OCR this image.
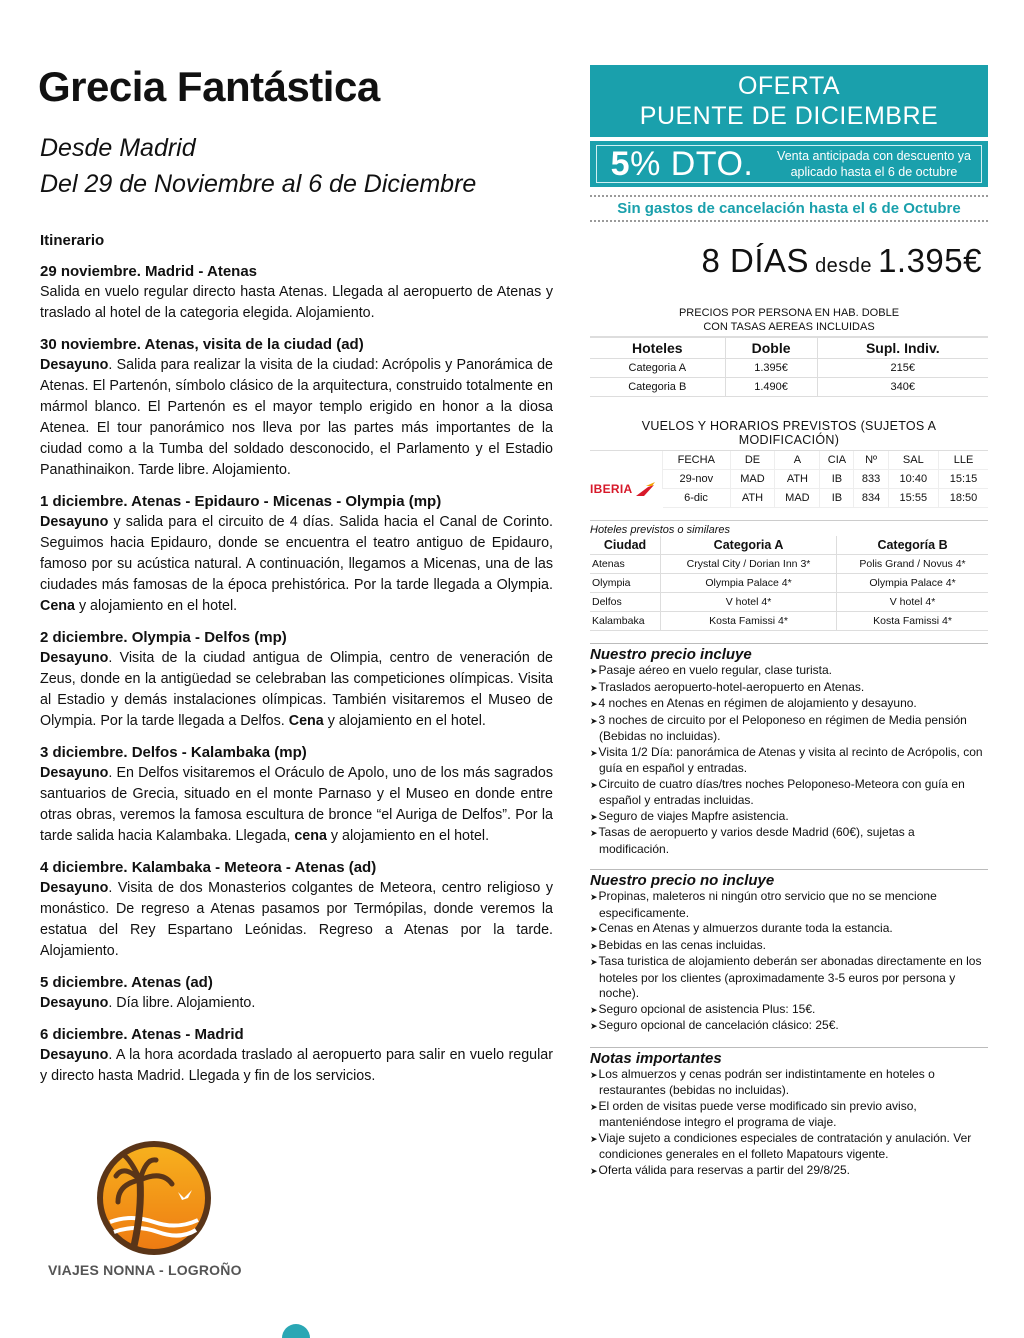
Grecia Fantástica
Desde Madrid
Del 29 de Noviembre al 6 de Diciembre
Itinerario
29 noviembre. Madrid - Atenas
Salida en vuelo regular directo hasta Atenas. Llegada al aeropuerto de Atenas y traslado al hotel de la categoria elegida. Alojamiento.
30 noviembre. Atenas, visita de la ciudad (ad)
Desayuno. Salida para realizar la visita de la ciudad: Acrópolis y Panorámica de Atenas. El Partenón, símbolo clásico de la arquitectura, construido totalmente en mármol blanco. El Partenón es el mayor templo erigido en honor a la diosa Atenea. El tour panorámico nos lleva por las partes más importantes de la ciudad como a la Tumba del soldado desconocido, el Parlamento y el Estadio Panathinaikon. Tarde libre. Alojamiento.
1 diciembre. Atenas - Epidauro - Micenas - Olympia (mp)
Desayuno y salida para el circuito de 4 días. Salida hacia el Canal de Corinto. Seguimos hacia Epidauro, donde se encuentra el teatro antiguo de Epidauro, famoso por su acústica natural. A continuación, llegamos a Micenas, una de las ciudades más famosas de la época prehistórica. Por la tarde llegada a Olympia. Cena y alojamiento en el hotel.
2 diciembre. Olympia - Delfos (mp)
Desayuno. Visita de la ciudad antigua de Olimpia, centro de veneración de Zeus, donde en la antigüedad se celebraban las competiciones olímpicas. Visita al Estadio y demás instalaciones olímpicas. También visitaremos el Museo de Olympia. Por la tarde llegada a Delfos. Cena y alojamiento en el hotel.
3 diciembre. Delfos - Kalambaka (mp)
Desayuno. En Delfos visitaremos el Oráculo de Apolo, uno de los más sagrados santuarios de Grecia, situado en el monte Parnaso y el Museo en donde entre otras obras, veremos la famosa escultura de bronce “el Auriga de Delfos”. Por la tarde salida hacia Kalambaka. Llegada, cena y alojamiento en el hotel.
4 diciembre. Kalambaka - Meteora - Atenas (ad)
Desayuno. Visita de dos Monasterios colgantes de Meteora, centro religioso y monástico. De regreso a Atenas pasamos por Termópilas, donde veremos la estatua del Rey Espartano Leónidas. Regreso a Atenas por la tarde. Alojamiento.
5 diciembre. Atenas (ad)
Desayuno. Día libre. Alojamiento.
6 diciembre. Atenas - Madrid
Desayuno. A la hora acordada traslado al aeropuerto para salir en vuelo regular y directo hasta Madrid. Llegada y fin de los servicios.
VIAJES NONNA - LOGROÑO
OFERTA
PUENTE DE DICIEMBRE
5% DTO.	Venta anticipada con descuento ya
aplicado hasta el 6 de octubre
Sin gastos de cancelación hasta el 6 de Octubre
8 DÍAS desde 1.395€
PRECIOS POR PERSONA EN HAB. DOBLE
CON TASAS AEREAS INCLUIDAS
Hoteles	Doble	Supl. Indiv.
Categoria A	1.395€	215€
Categoria B	1.490€	340€
VUELOS Y HORARIOS PREVISTOS (SUJETOS A MODIFICACIÓN)
	FECHA	DE	A	CIA	Nº	SAL	LLE

IBERIA	29-nov	MAD	ATH	IB	833	10:40	15:15
	6-dic	ATH	MAD	IB	834	15:55	18:50
Hoteles previstos o similares
Ciudad	Categoria A	Categoría B
Atenas	Crystal City / Dorian Inn 3*	Polis Grand / Novus 4*
Olympia	Olympia Palace 4*	Olympia Palace 4*
Delfos	V hotel 4*	V hotel 4*
Kalambaka	Kosta Famissi 4*	Kosta Famissi 4*
Nuestro precio incluye
➤Pasaje aéreo en vuelo regular, clase turista.
➤Traslados aeropuerto-hotel-aeropuerto en Atenas.
➤4 noches en Atenas en régimen de alojamiento y desayuno.
➤3 noches de circuito por el Peloponeso en régimen de Media pensión (Bebidas no incluidas).
➤Visita 1/2 Día: panorámica de Atenas y visita al recinto de Acrópolis, con guía en español y entradas.
➤Circuito de cuatro días/tres noches Peloponeso-Meteora con guía en español y entradas incluidas.
➤Seguro de viajes Mapfre asistencia.
➤Tasas de aeropuerto y varios desde Madrid (60€), sujetas a modificación.
Nuestro precio no incluye
➤Propinas, maleteros ni ningún otro servicio que no se mencione especificamente.
➤Cenas en Atenas y almuerzos durante toda la estancia.
➤Bebidas en las cenas incluidas.
➤Tasa turistica de alojamiento deberán ser abonadas directamente en los hoteles por los clientes (aproximadamente 3-5 euros por persona y noche).
➤Seguro opcional de asistencia Plus: 15€.
➤Seguro opcional de cancelación clásico: 25€.
Notas importantes
➤Los almuerzos y cenas podrán ser indistintamente en hoteles o restaurantes (bebidas no incluidas).
➤El orden de visitas puede verse modificado sin previo aviso, manteniéndose integro el programa de viaje.
➤Viaje sujeto a condiciones especiales de contratación y anulación. Ver condiciones generales en el folleto Mapatours vigente.
➤Oferta válida para reservas a partir del 29/8/25.
